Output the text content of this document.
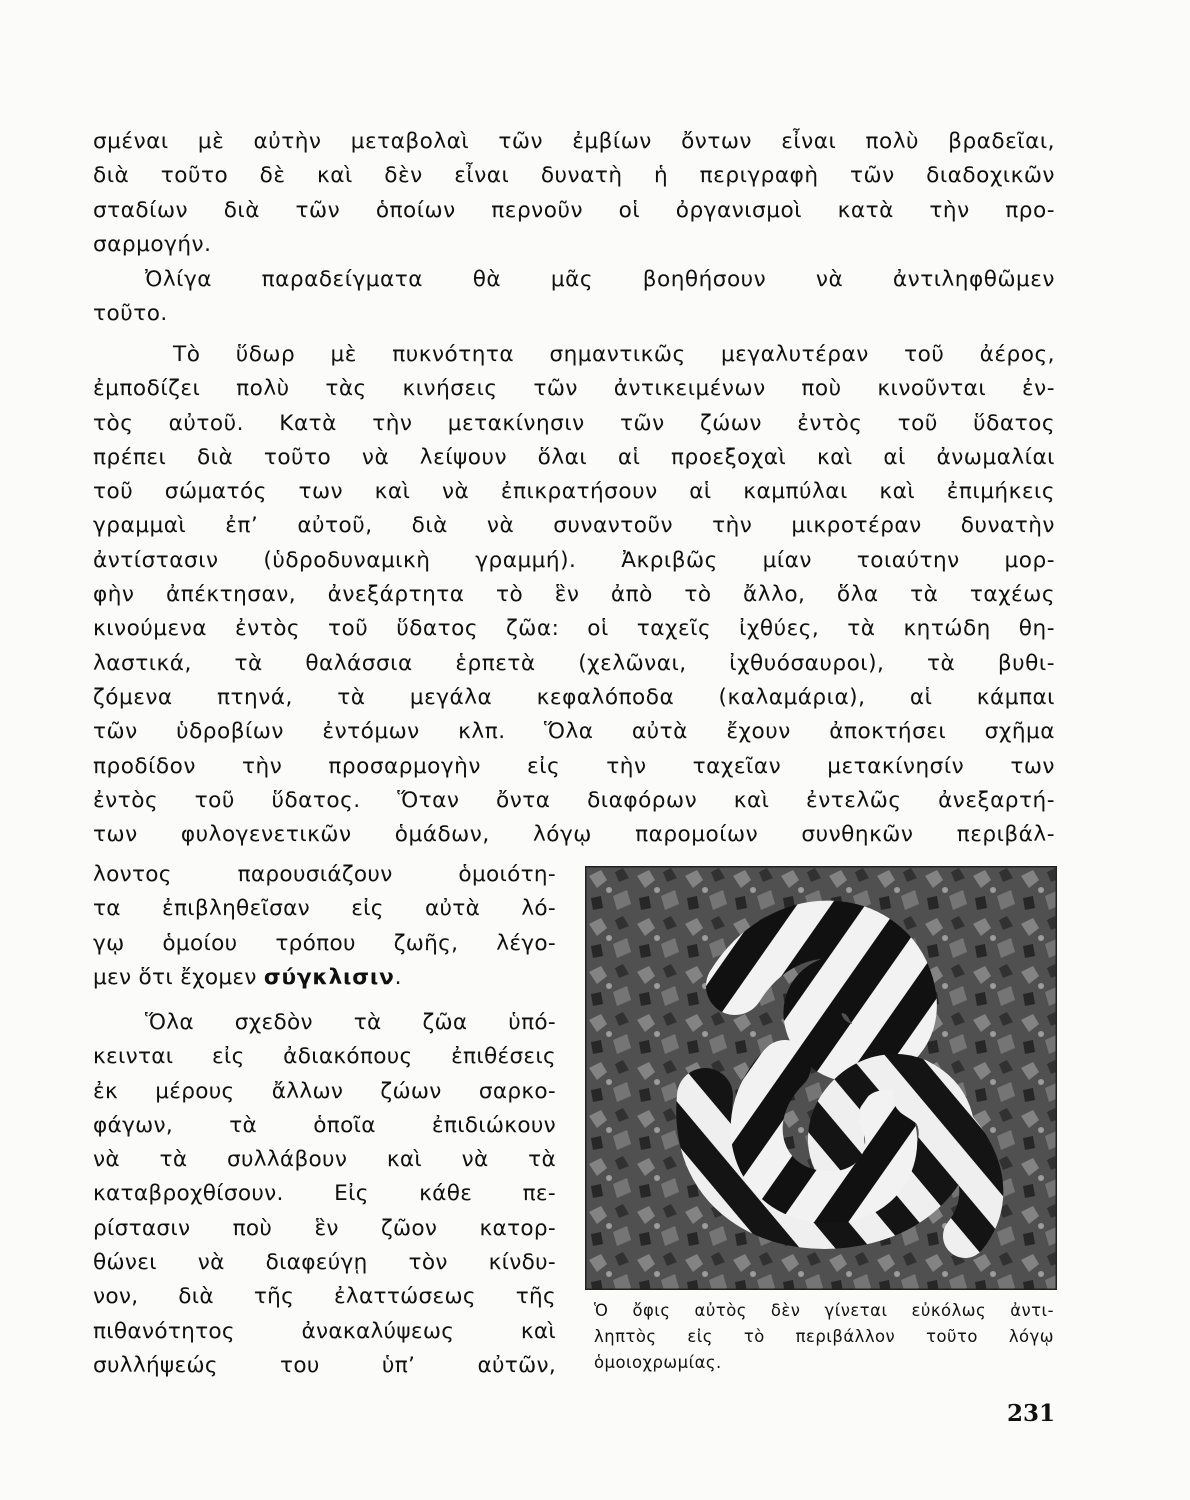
σμέναι μὲ αὐτὴν μεταβολαὶ τῶν ἐμβίων ὄντων εἶναι πολὺ βραδεῖαι,
διὰ τοῦτο δὲ καὶ δὲν εἶναι δυνατὴ ἡ περιγραφὴ τῶν διαδοχικῶν
σταδίων διὰ τῶν ὁποίων περνοῦν οἱ ὀργανισμοὶ κατὰ τὴν προ-
σαρμογήν.
Ὀλίγα παραδείγματα θὰ μᾶς βοηθήσουν νὰ ἀντιληφθῶμεν
τοῦτο.
Τὸ ὕδωρ μὲ πυκνότητα σημαντικῶς μεγαλυτέραν τοῦ ἀέρος,
ἐμποδίζει πολὺ τὰς κινήσεις τῶν ἀντικειμένων ποὺ κινοῦνται ἐν-
τὸς αὐτοῦ. Κατὰ τὴν μετακίνησιν τῶν ζώων ἐντὸς τοῦ ὕδατος
πρέπει διὰ τοῦτο νὰ λείψουν ὅλαι αἱ προεξοχαὶ καὶ αἱ ἀνωμαλίαι
τοῦ σώματός των καὶ νὰ ἐπικρατήσουν αἱ καμπύλαι καὶ ἐπιμήκεις
γραμμαὶ ἐπ’ αὐτοῦ, διὰ νὰ συναντοῦν τὴν μικροτέραν δυνατὴν
ἀντίστασιν (ὑδροδυναμικὴ γραμμή). Ἀκριβῶς μίαν τοιαύτην μορ-
φὴν ἀπέκτησαν, ἀνεξάρτητα τὸ ἓν ἀπὸ τὸ ἄλλο, ὅλα τὰ ταχέως
κινούμενα ἐντὸς τοῦ ὕδατος ζῶα: οἱ ταχεῖς ἰχθύες, τὰ κητώδη θη-
λαστικά, τὰ θαλάσσια ἑρπετὰ (χελῶναι, ἰχθυόσαυροι), τὰ βυθι-
ζόμενα πτηνά, τὰ μεγάλα κεφαλόποδα (καλαμάρια), αἱ κάμπαι
τῶν ὑδροβίων ἐντόμων κλπ. Ὅλα αὐτὰ ἔχουν ἀποκτήσει σχῆμα
προδίδον τὴν προσαρμογὴν εἰς τὴν ταχεῖαν μετακίνησίν των
ἐντὸς τοῦ ὕδατος. Ὅταν ὄντα διαφόρων καὶ ἐντελῶς ἀνεξαρτή-
των φυλογενετικῶν ὁμάδων, λόγῳ παρομοίων συνθηκῶν περιβάλ-
λοντος παρουσιάζουν ὁμοιότη-
τα ἐπιβληθεῖσαν εἰς αὐτὰ λό-
γῳ ὁμοίου τρόπου ζωῆς, λέγο-
μεν ὅτι ἔχομεν σύγκλισιν.
Ὅλα σχεδὸν τὰ ζῶα ὑπό-
κεινται εἰς ἀδιακόπους ἐπιθέσεις
ἐκ μέρους ἄλλων ζώων σαρκο-
φάγων, τὰ ὁποῖα ἐπιδιώκουν
νὰ τὰ συλλάβουν καὶ νὰ τὰ
καταβροχθίσουν. Εἰς κάθε πε-
ρίστασιν ποὺ ἓν ζῶον κατορ-
θώνει νὰ διαφεύγῃ τὸν κίνδυ-
νον, διὰ τῆς ἐλαττώσεως τῆς
πιθανότητος ἀνακαλύψεως καὶ
συλλήψεώς του ὑπ’ αὐτῶν,
Ὁ ὄφις αὐτὸς δὲν γίνεται εὐκόλως ἀντι-
ληπτὸς εἰς τὸ περιβάλλον τοῦτο λόγῳ
ὁμοιοχρωμίας.
231
